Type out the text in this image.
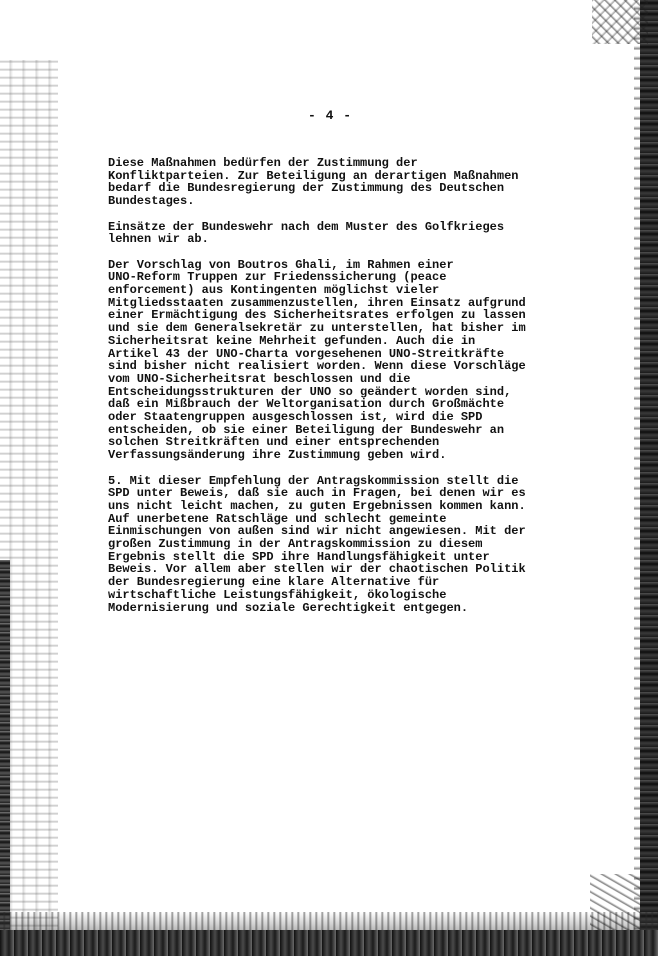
- 4 -

Diese Maßnahmen bedürfen der Zustimmung der
Konfliktparteien. Zur Beteiligung an derartigen Maßnahmen
bedarf die Bundesregierung der Zustimmung des Deutschen
Bundestages.

Einsätze der Bundeswehr nach dem Muster des Golfkrieges
lehnen wir ab.

Der Vorschlag von Boutros Ghali, im Rahmen einer
UNO-Reform Truppen zur Friedenssicherung (peace
enforcement) aus Kontingenten möglichst vieler
Mitgliedsstaaten zusammenzustellen, ihren Einsatz aufgrund
einer Ermächtigung des Sicherheitsrates erfolgen zu lassen
und sie dem Generalsekretär zu unterstellen, hat bisher im
Sicherheitsrat keine Mehrheit gefunden. Auch die in
Artikel 43 der UNO-Charta vorgesehenen UNO-Streitkräfte
sind bisher nicht realisiert worden. Wenn diese Vorschläge
vom UNO-Sicherheitsrat beschlossen und die
Entscheidungsstrukturen der UNO so geändert worden sind,
daß ein Mißbrauch der Weltorganisation durch Großmächte
oder Staatengruppen ausgeschlossen ist, wird die SPD
entscheiden, ob sie einer Beteiligung der Bundeswehr an
solchen Streitkräften und einer entsprechenden
Verfassungsänderung ihre Zustimmung geben wird.

5. Mit dieser Empfehlung der Antragskommission stellt die
SPD unter Beweis, daß sie auch in Fragen, bei denen wir es
uns nicht leicht machen, zu guten Ergebnissen kommen kann.
Auf unerbetene Ratschläge und schlecht gemeinte
Einmischungen von außen sind wir nicht angewiesen. Mit der
großen Zustimmung in der Antragskommission zu diesem
Ergebnis stellt die SPD ihre Handlungsfähigkeit unter
Beweis. Vor allem aber stellen wir der chaotischen Politik
der Bundesregierung eine klare Alternative für
wirtschaftliche Leistungsfähigkeit, ökologische
Modernisierung und soziale Gerechtigkeit entgegen.
